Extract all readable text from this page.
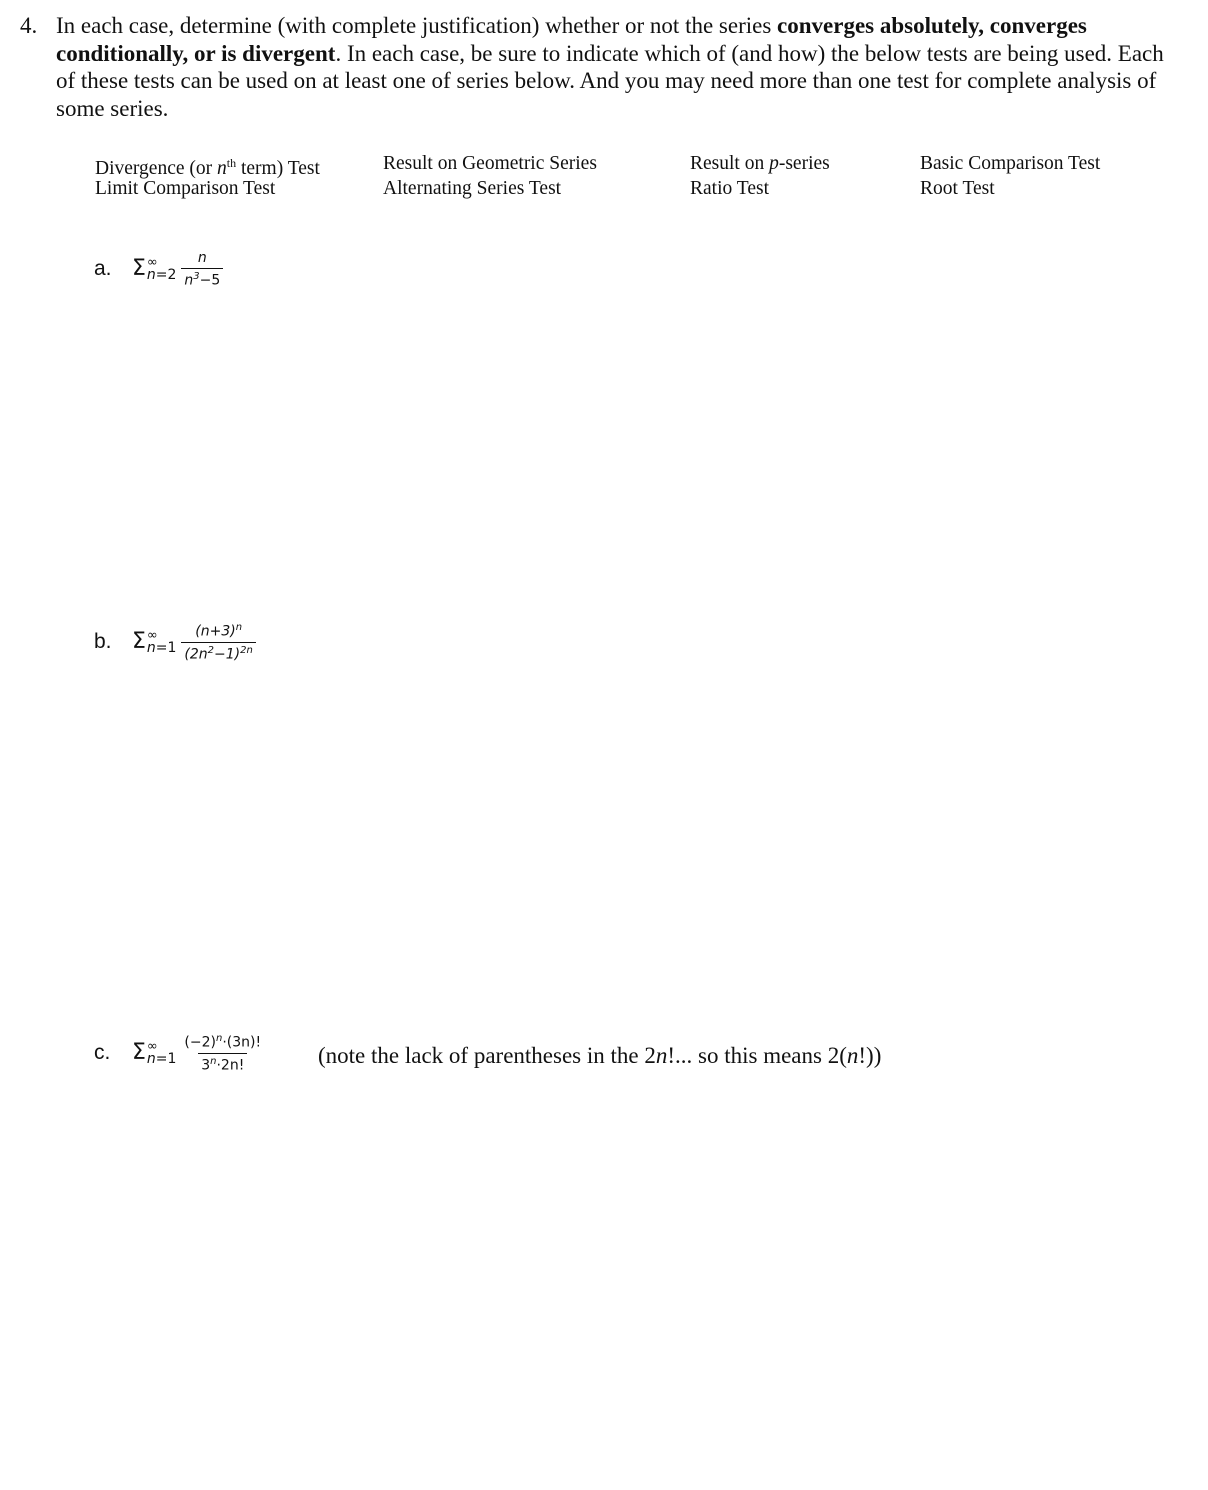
4. In each case, determine (with complete justification) whether or not the series converges absolutely, converges conditionally, or is divergent. In each case, be sure to indicate which of (and how) the below tests are being used. Each of these tests can be used on at least one of series below. And you may need more than one test for complete analysis of some series.
Divergence (or $n^{th}$ term) Test	Result on Geometric Series	Result on p-series	Basic Comparison Test
Limit Comparison Test	Alternating Series Test	Ratio Test	Root Test
a. Σ ∞
$n=2 \frac{n}{n^3-5}$
b. Σ ∞
$n=1 \frac{(n+3)^n}{(2n^2-1)^{2n}}$
c. Σ ∞
$n=1 \frac{(-2)^n\cdot(3n)!}{3^n\cdot 2n!}$ (note the lack of parentheses in the 2n!... so this means 2(n!))
